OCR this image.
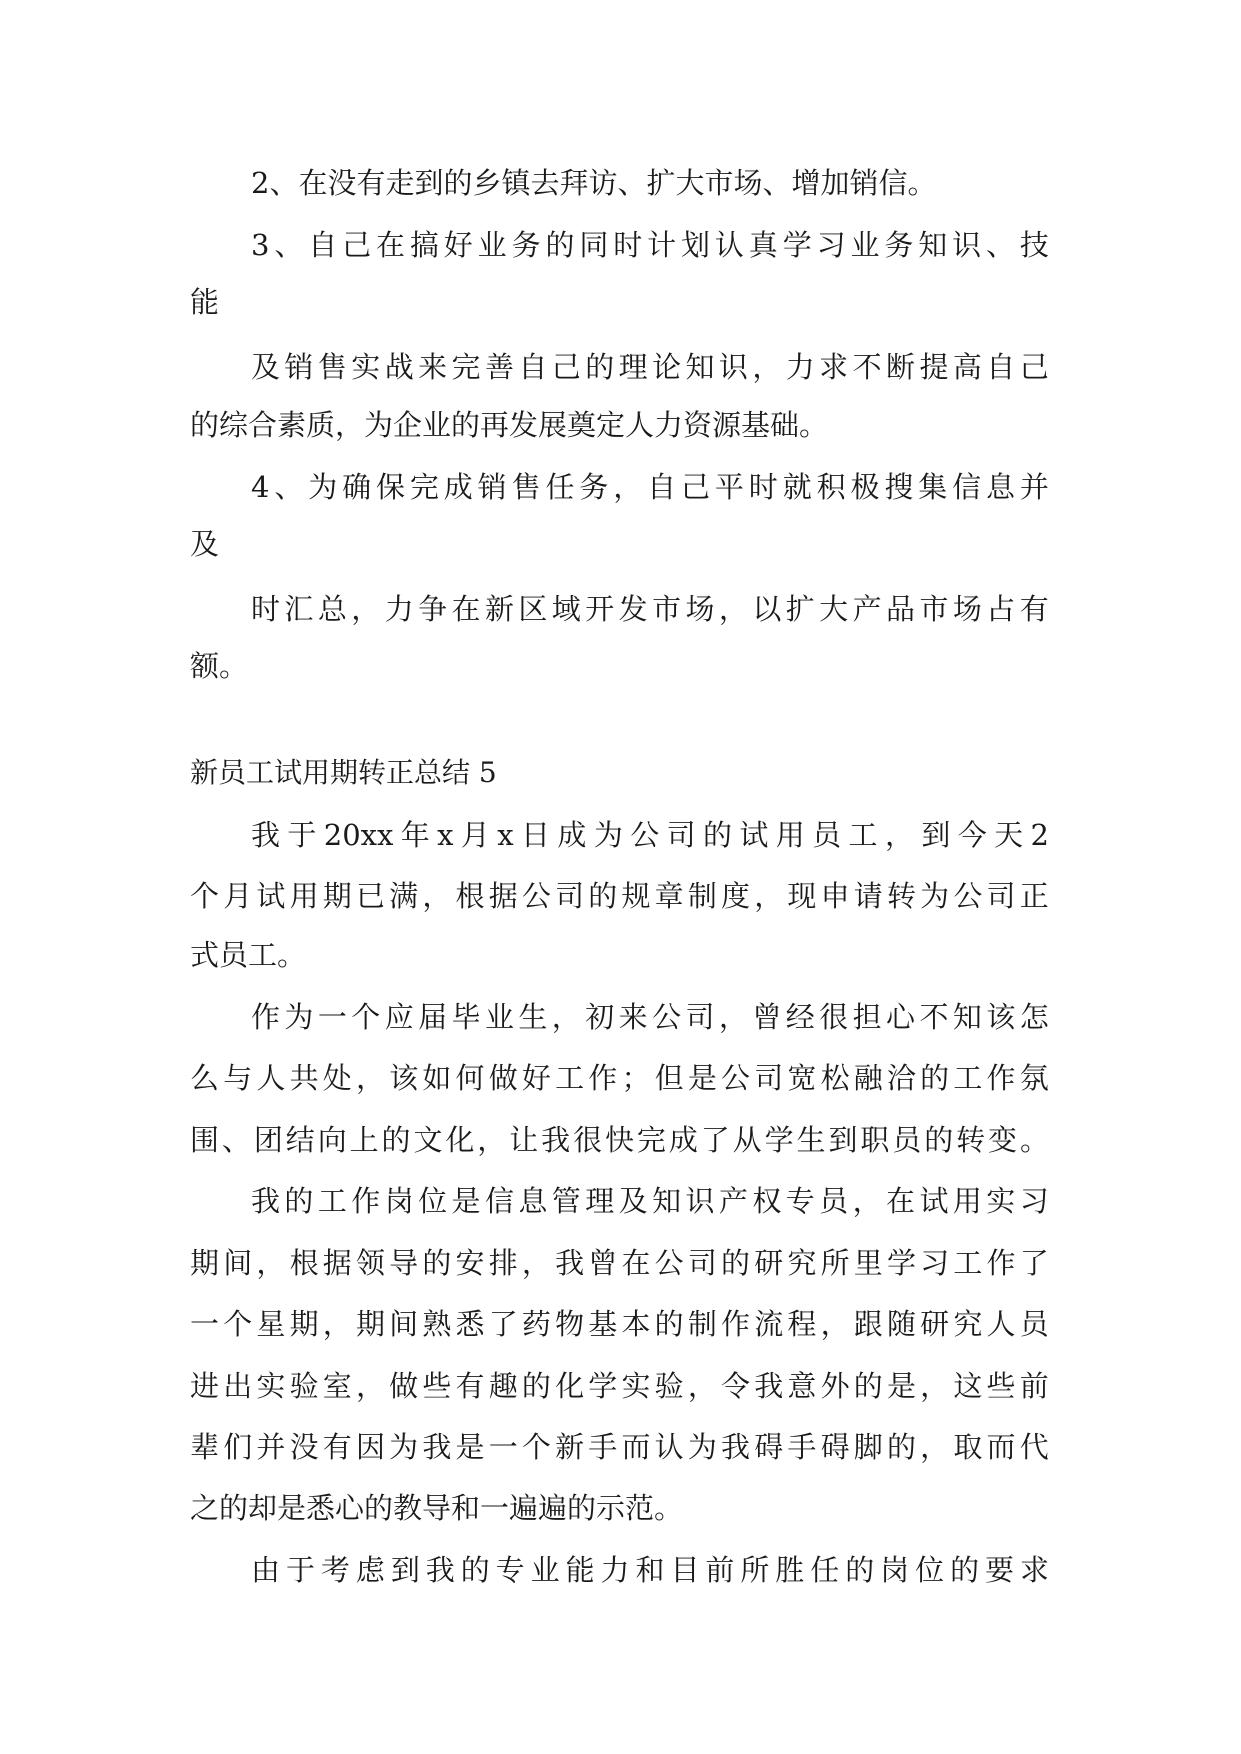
2、在没有走到的乡镇去拜访、扩大市场、增加销信。

3 、 自 己 在 搞 好 业 务 的 同 时 计 划 认 真 学 习 业 务 知 识 、 技

能

及 销 售 实 战 来 完 善 自 己 的 理 论 知 识 ， 力 求 不 断 提 高 自 己

的综合素质，为企业的再发展奠定人力资源基础。

4 、 为 确 保 完 成 销 售 任 务 ， 自 己 平 时 就 积 极 搜 集 信 息 并

及

时 汇 总 ， 力 争 在 新 区 域 开 发 市 场 ， 以 扩 大 产 品 市 场 占 有

额。

新员工试用期转正总结 5

我 于 20xx 年 x 月 x 日 成 为 公 司 的 试 用 员 工 ， 到 今 天 2

个 月 试 用 期 已 满 ， 根 据 公 司 的 规 章 制 度 ， 现 申 请 转 为 公 司 正

式员工。

作 为 一 个 应 届 毕 业 生 ， 初 来 公 司 ， 曾 经 很 担 心 不 知 该 怎

么 与 人 共 处 ， 该 如 何 做 好 工 作 ； 但 是 公 司 宽 松 融 洽 的 工 作 氛

围 、 团 结 向 上 的 文 化 ， 让 我 很 快 完 成 了 从 学 生 到 职 员 的 转 变 。

我 的 工 作 岗 位 是 信 息 管 理 及 知 识 产 权 专 员 ， 在 试 用 实 习

期 间 ， 根 据 领 导 的 安 排 ， 我 曾 在 公 司 的 研 究 所 里 学 习 工 作 了

一 个 星 期 ， 期 间 熟 悉 了 药 物 基 本 的 制 作 流 程 ， 跟 随 研 究 人 员

进 出 实 验 室 ， 做 些 有 趣 的 化 学 实 验 ， 令 我 意 外 的 是 ， 这 些 前

辈 们 并 没 有 因 为 我 是 一 个 新 手 而 认 为 我 碍 手 碍 脚 的 ， 取 而 代

之的却是悉心的教导和一遍遍的示范。

由 于 考 虑 到 我 的 专 业 能 力 和 目 前 所 胜 任 的 岗 位 的 要 求
